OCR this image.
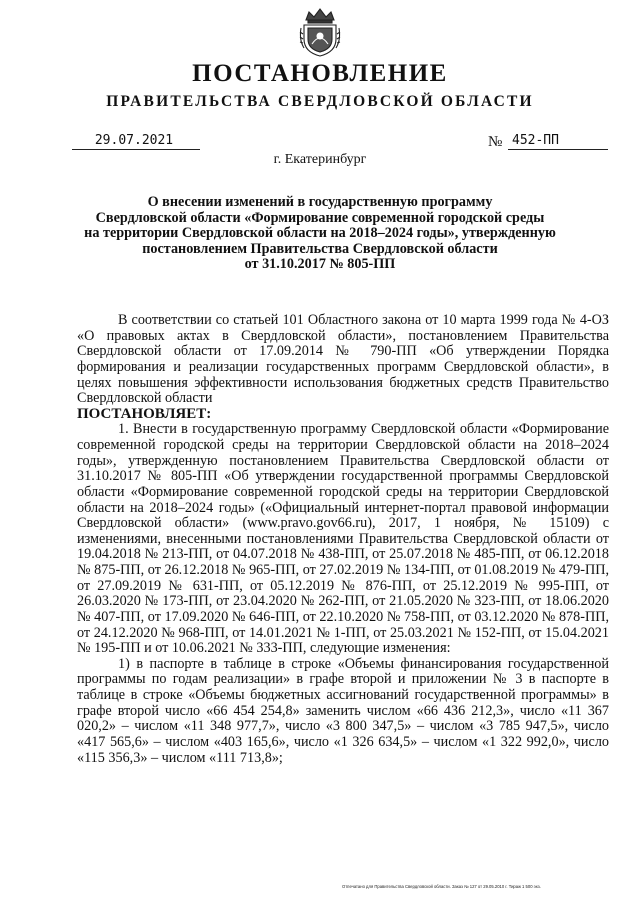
ПОСТАНОВЛЕНИЕ
ПРАВИТЕЛЬСТВА СВЕРДЛОВСКОЙ ОБЛАСТИ
29.07.2021	№ 452-ПП
г. Екатеринбург
О внесении изменений в государственную программу
Свердловской области «Формирование современной городской среды
на территории Свердловской области на 2018–2024 годы», утвержденную
постановлением Правительства Свердловской области
от 31.10.2017 № 805-ПП

В соответствии со статьей 101 Областного закона от 10 марта 1999 года № 4-ОЗ «О правовых актах в Свердловской области», постановлением Правительства Свердловской области от 17.09.2014 № 790-ПП «Об утверждении Порядка формирования и реализации государственных программ Свердловской области», в целях повышения эффективности использования бюджетных средств Правительство Свердловской области

ПОСТАНОВЛЯЕТ:

1. Внести в государственную программу Свердловской области «Формирование современной городской среды на территории Свердловской области на 2018–2024 годы», утвержденную постановлением Правительства Свердловской области от 31.10.2017 № 805-ПП «Об утверждении государственной программы Свердловской области «Формирование современной городской среды на территории Свердловской области на 2018–2024 годы» («Официальный интернет-портал правовой информации Свердловской области» (www.pravo.gov66.ru), 2017, 1 ноября, № 15109) с изменениями, внесенными постановлениями Правительства Свердловской области от 19.04.2018 № 213-ПП, от 04.07.2018 № 438-ПП, от 25.07.2018 № 485-ПП, от 06.12.2018 № 875-ПП, от 26.12.2018 № 965-ПП, от 27.02.2019 № 134-ПП, от 01.08.2019 № 479-ПП, от 27.09.2019 № 631-ПП, от 05.12.2019 № 876-ПП, от 25.12.2019 № 995-ПП, от 26.03.2020 № 173-ПП, от 23.04.2020 № 262-ПП, от 21.05.2020 № 323-ПП, от 18.06.2020 № 407-ПП, от 17.09.2020 № 646-ПП, от 22.10.2020 № 758-ПП, от 03.12.2020 № 878-ПП, от 24.12.2020 № 968-ПП, от 14.01.2021 № 1-ПП, от 25.03.2021 № 152-ПП, от 15.04.2021 № 195-ПП и от 10.06.2021 № 333-ПП, следующие изменения:

1) в паспорте в таблице в строке «Объемы финансирования государственной программы по годам реализации» в графе второй и приложении № 3 в паспорте в таблице в строке «Объемы бюджетных ассигнований государственной программы» в графе второй число «66 454 254,8» заменить числом «66 436 212,3», число «11 367 020,2» – числом «11 348 977,7», число «3 800 347,5» – числом «3 785 947,5», число «417 565,6» – числом «403 165,6», число «1 326 634,5» – числом «1 322 992,0», число «115 356,3» – числом «111 713,8»;

Отпечатано для Правительства Свердловской области. Заказ № 127 от 29.05.2010 г. Тираж 1 500 экз.
